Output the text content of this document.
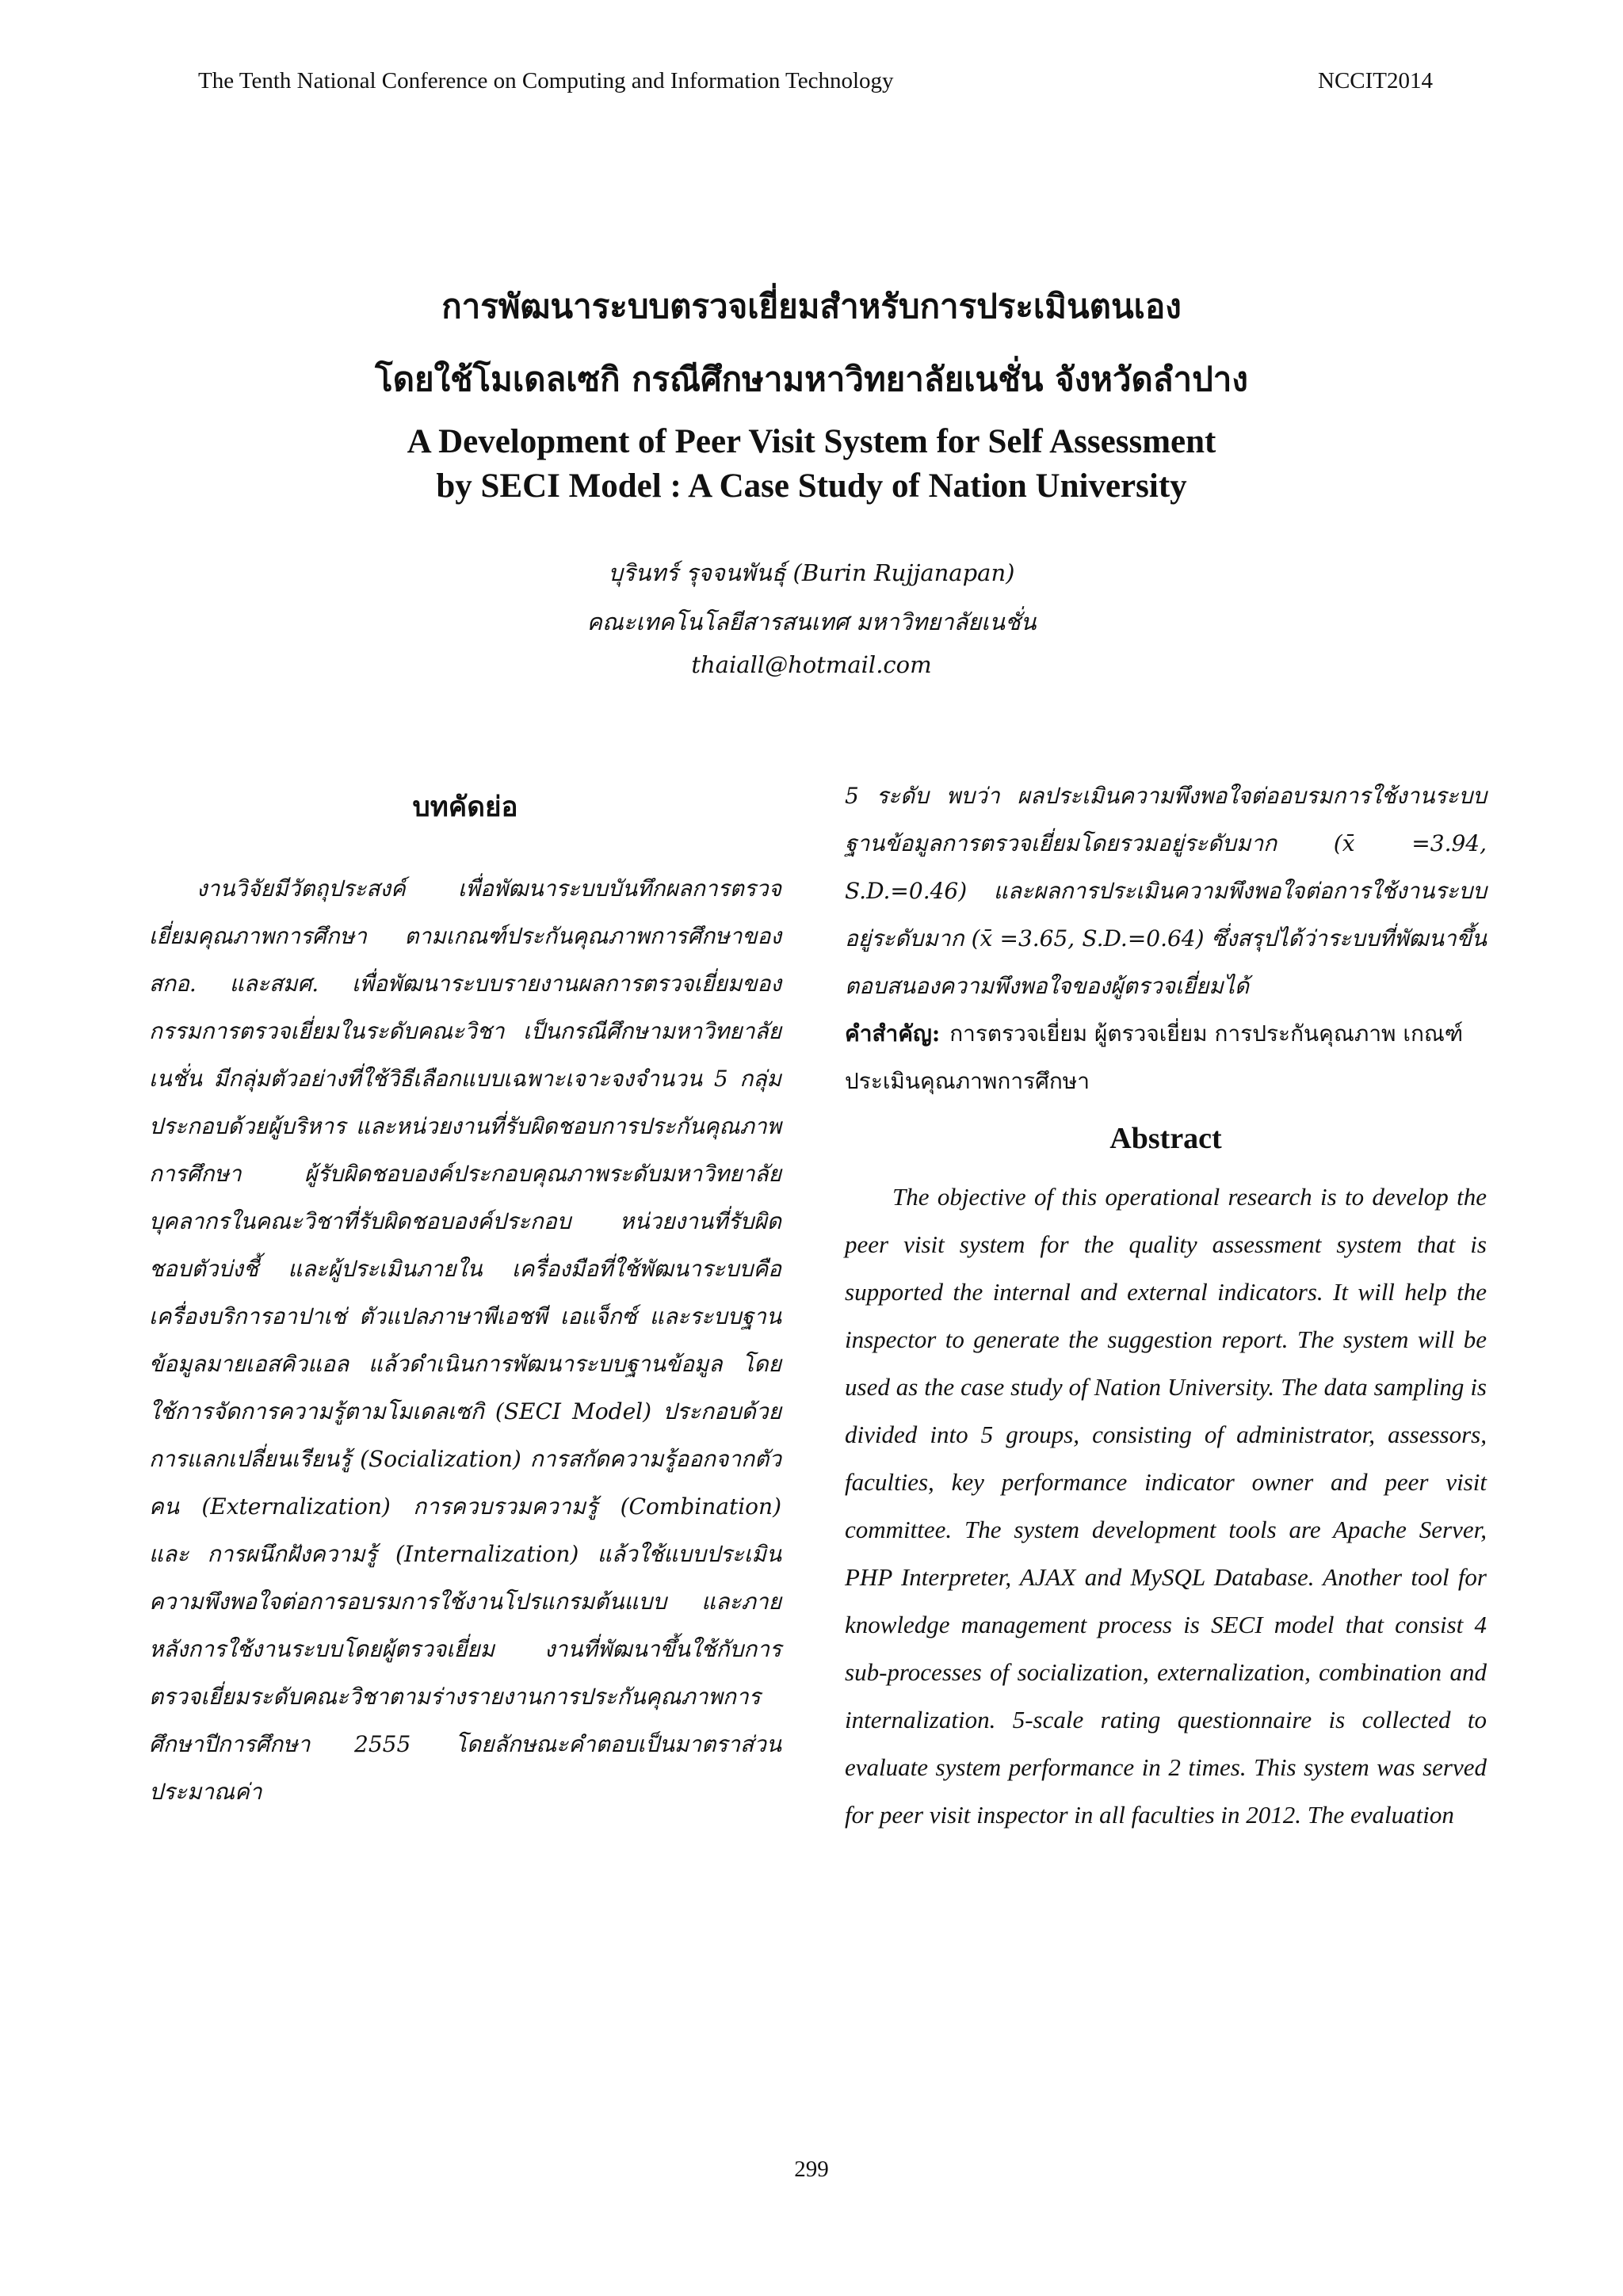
The Tenth National Conference on Computing and Information Technology	NCCIT2014
การพัฒนาระบบตรวจเยี่ยมสำหรับการประเมินตนเอง
โดยใช้โมเดลเซกิ กรณีศึกษามหาวิทยาลัยเนชั่น จังหวัดลำปาง
A Development of Peer Visit System for Self Assessment
by SECI Model : A Case Study of Nation University
บุรินทร์ รุจจนพันธุ์ (Burin Rujjanapan)
คณะเทคโนโลยีสารสนเทศ มหาวิทยาลัยเนชั่น
thaiall@hotmail.com
บทคัดย่อ

งานวิจัยมีวัตถุประสงค์ เพื่อพัฒนาระบบบันทึกผลการตรวจเยี่ยมคุณภาพการศึกษา ตามเกณฑ์ประกันคุณภาพการศึกษาของ สกอ. และสมศ. เพื่อพัฒนาระบบรายงานผลการตรวจเยี่ยมของกรรมการตรวจเยี่ยมในระดับคณะวิชา เป็นกรณีศึกษามหาวิทยาลัยเนชั่น มีกลุ่มตัวอย่างที่ใช้วิธีเลือกแบบเฉพาะเจาะจงจำนวน 5 กลุ่ม ประกอบด้วยผู้บริหาร และหน่วยงานที่รับผิดชอบการประกันคุณภาพการศึกษา ผู้รับผิดชอบองค์ประกอบคุณภาพระดับมหาวิทยาลัย บุคลากรในคณะวิชาที่รับผิดชอบองค์ประกอบ หน่วยงานที่รับผิดชอบตัวบ่งชี้ และผู้ประเมินภายใน เครื่องมือที่ใช้พัฒนาระบบคือเครื่องบริการอาปาเช่ ตัวแปลภาษาพีเอชพี เอแจ็กซ์ และระบบฐานข้อมูลมายเอสคิวแอล แล้วดำเนินการพัฒนาระบบฐานข้อมูล โดยใช้การจัดการความรู้ตามโมเดลเซกิ (SECI Model) ประกอบด้วย การแลกเปลี่ยนเรียนรู้ (Socialization) การสกัดความรู้ออกจากตัวคน (Externalization) การควบรวมความรู้ (Combination) และ การผนึกฝังความรู้ (Internalization) แล้วใช้แบบประเมินความพึงพอใจต่อการอบรมการใช้งานโปรแกรมต้นแบบ และภายหลังการใช้งานระบบโดยผู้ตรวจเยี่ยม งานที่พัฒนาขึ้นใช้กับการตรวจเยี่ยมระดับคณะวิชาตามร่างรายงานการประกันคุณภาพการศึกษาปีการศึกษา 2555 โดยลักษณะคำตอบเป็นมาตราส่วนประมาณค่า

5 ระดับ พบว่า ผลประเมินความพึงพอใจต่ออบรมการใช้งานระบบฐานข้อมูลการตรวจเยี่ยมโดยรวมอยู่ระดับมาก (x̄ =3.94, S.D.=0.46) และผลการประเมินความพึงพอใจต่อการใช้งานระบบ อยู่ระดับมาก (x̄ =3.65, S.D.=0.64) ซึ่งสรุปได้ว่าระบบที่พัฒนาขึ้นตอบสนองความพึงพอใจของผู้ตรวจเยี่ยมได้

คำสำคัญ: การตรวจเยี่ยม ผู้ตรวจเยี่ยม การประกันคุณภาพ เกณฑ์ประเมินคุณภาพการศึกษา

Abstract

The objective of this operational research is to develop the peer visit system for the quality assessment system that is supported the internal and external indicators. It will help the inspector to generate the suggestion report. The system will be used as the case study of Nation University. The data sampling is divided into 5 groups, consisting of administrator, assessors, faculties, key performance indicator owner and peer visit committee. The system development tools are Apache Server, PHP Interpreter, AJAX and MySQL Database. Another tool for knowledge management process is SECI model that consist 4 sub-processes of socialization, externalization, combination and internalization. 5-scale rating questionnaire is collected to evaluate system performance in 2 times. This system was served for peer visit inspector in all faculties in 2012. The evaluation

299
